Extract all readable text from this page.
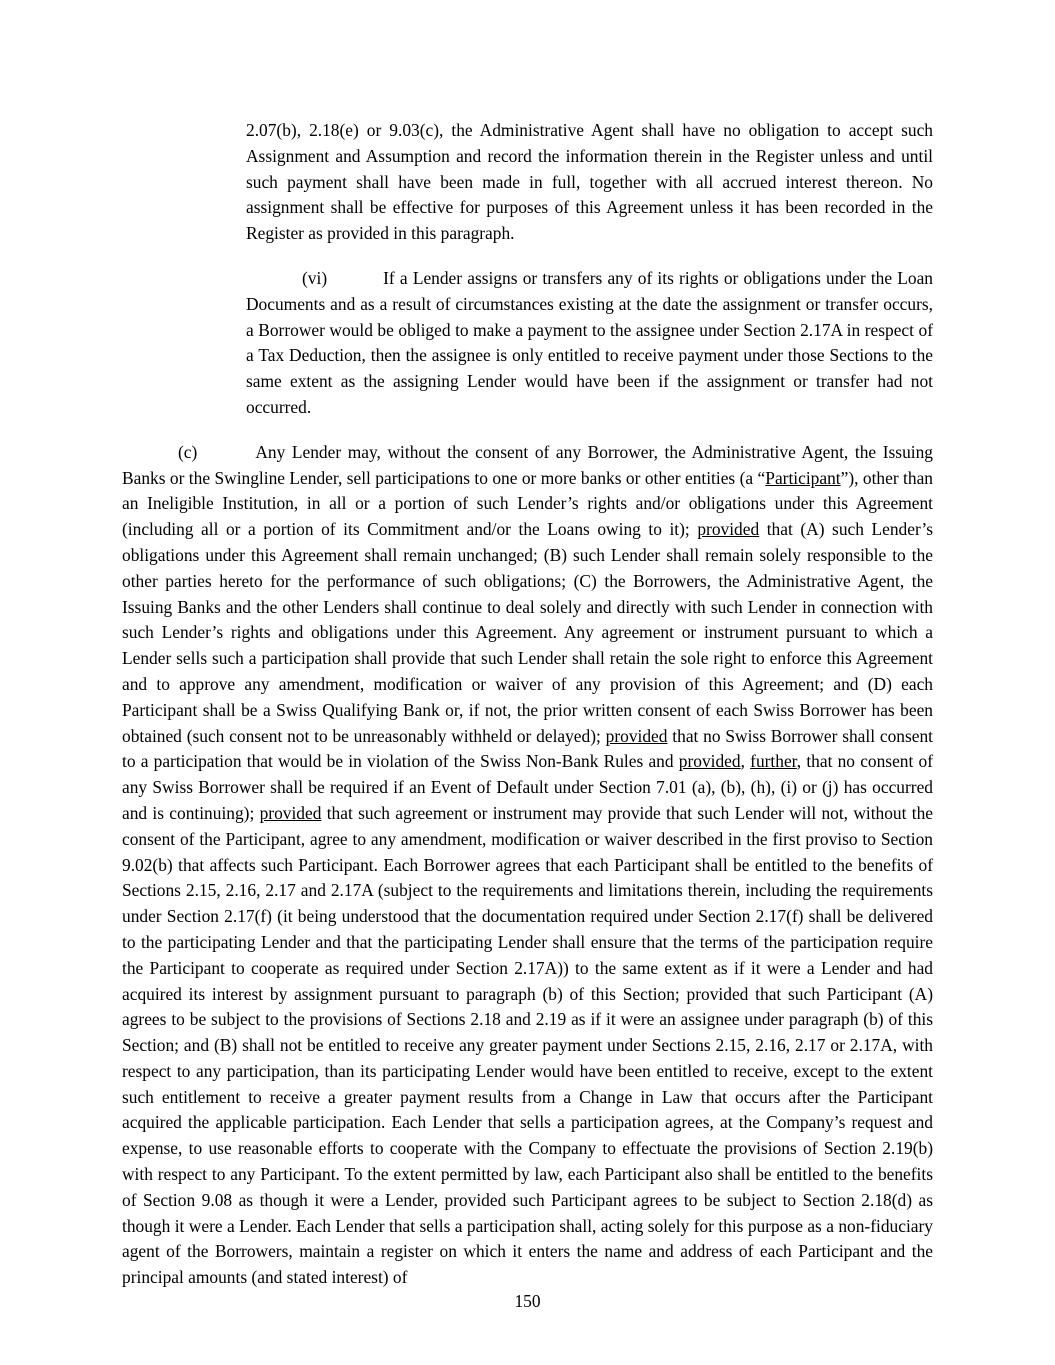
2.07(b), 2.18(e) or 9.03(c), the Administrative Agent shall have no obligation to accept such Assignment and Assumption and record the information therein in the Register unless and until such payment shall have been made in full, together with all accrued interest thereon. No assignment shall be effective for purposes of this Agreement unless it has been recorded in the Register as provided in this paragraph.

(vi)	If a Lender assigns or transfers any of its rights or obligations under the Loan Documents and as a result of circumstances existing at the date the assignment or transfer occurs, a Borrower would be obliged to make a payment to the assignee under Section 2.17A in respect of a Tax Deduction, then the assignee is only entitled to receive payment under those Sections to the same extent as the assigning Lender would have been if the assignment or transfer had not occurred.

(c)	Any Lender may, without the consent of any Borrower, the Administrative Agent, the Issuing Banks or the Swingline Lender, sell participations to one or more banks or other entities (a “Participant”), other than an Ineligible Institution, in all or a portion of such Lender’s rights and/or obligations under this Agreement (including all or a portion of its Commitment and/or the Loans owing to it); provided that (A) such Lender’s obligations under this Agreement shall remain unchanged; (B) such Lender shall remain solely responsible to the other parties hereto for the performance of such obligations; (C) the Borrowers, the Administrative Agent, the Issuing Banks and the other Lenders shall continue to deal solely and directly with such Lender in connection with such Lender’s rights and obligations under this Agreement. Any agreement or instrument pursuant to which a Lender sells such a participation shall provide that such Lender shall retain the sole right to enforce this Agreement and to approve any amendment, modification or waiver of any provision of this Agreement; and (D) each Participant shall be a Swiss Qualifying Bank or, if not, the prior written consent of each Swiss Borrower has been obtained (such consent not to be unreasonably withheld or delayed); provided that no Swiss Borrower shall consent to a participation that would be in violation of the Swiss Non-Bank Rules and provided, further, that no consent of any Swiss Borrower shall be required if an Event of Default under Section 7.01 (a), (b), (h), (i) or (j) has occurred and is continuing); provided that such agreement or instrument may provide that such Lender will not, without the consent of the Participant, agree to any amendment, modification or waiver described in the first proviso to Section 9.02(b) that affects such Participant. Each Borrower agrees that each Participant shall be entitled to the benefits of Sections 2.15, 2.16, 2.17 and 2.17A (subject to the requirements and limitations therein, including the requirements under Section 2.17(f) (it being understood that the documentation required under Section 2.17(f) shall be delivered to the participating Lender and that the participating Lender shall ensure that the terms of the participation require the Participant to cooperate as required under Section 2.17A)) to the same extent as if it were a Lender and had acquired its interest by assignment pursuant to paragraph (b) of this Section; provided that such Participant (A) agrees to be subject to the provisions of Sections 2.18 and 2.19 as if it were an assignee under paragraph (b) of this Section; and (B) shall not be entitled to receive any greater payment under Sections 2.15, 2.16, 2.17 or 2.17A, with respect to any participation, than its participating Lender would have been entitled to receive, except to the extent such entitlement to receive a greater payment results from a Change in Law that occurs after the Participant acquired the applicable participation. Each Lender that sells a participation agrees, at the Company’s request and expense, to use reasonable efforts to cooperate with the Company to effectuate the provisions of Section 2.19(b) with respect to any Participant. To the extent permitted by law, each Participant also shall be entitled to the benefits of Section 9.08 as though it were a Lender, provided such Participant agrees to be subject to Section 2.18(d) as though it were a Lender. Each Lender that sells a participation shall, acting solely for this purpose as a non-fiduciary agent of the Borrowers, maintain a register on which it enters the name and address of each Participant and the principal amounts (and stated interest) of

150
